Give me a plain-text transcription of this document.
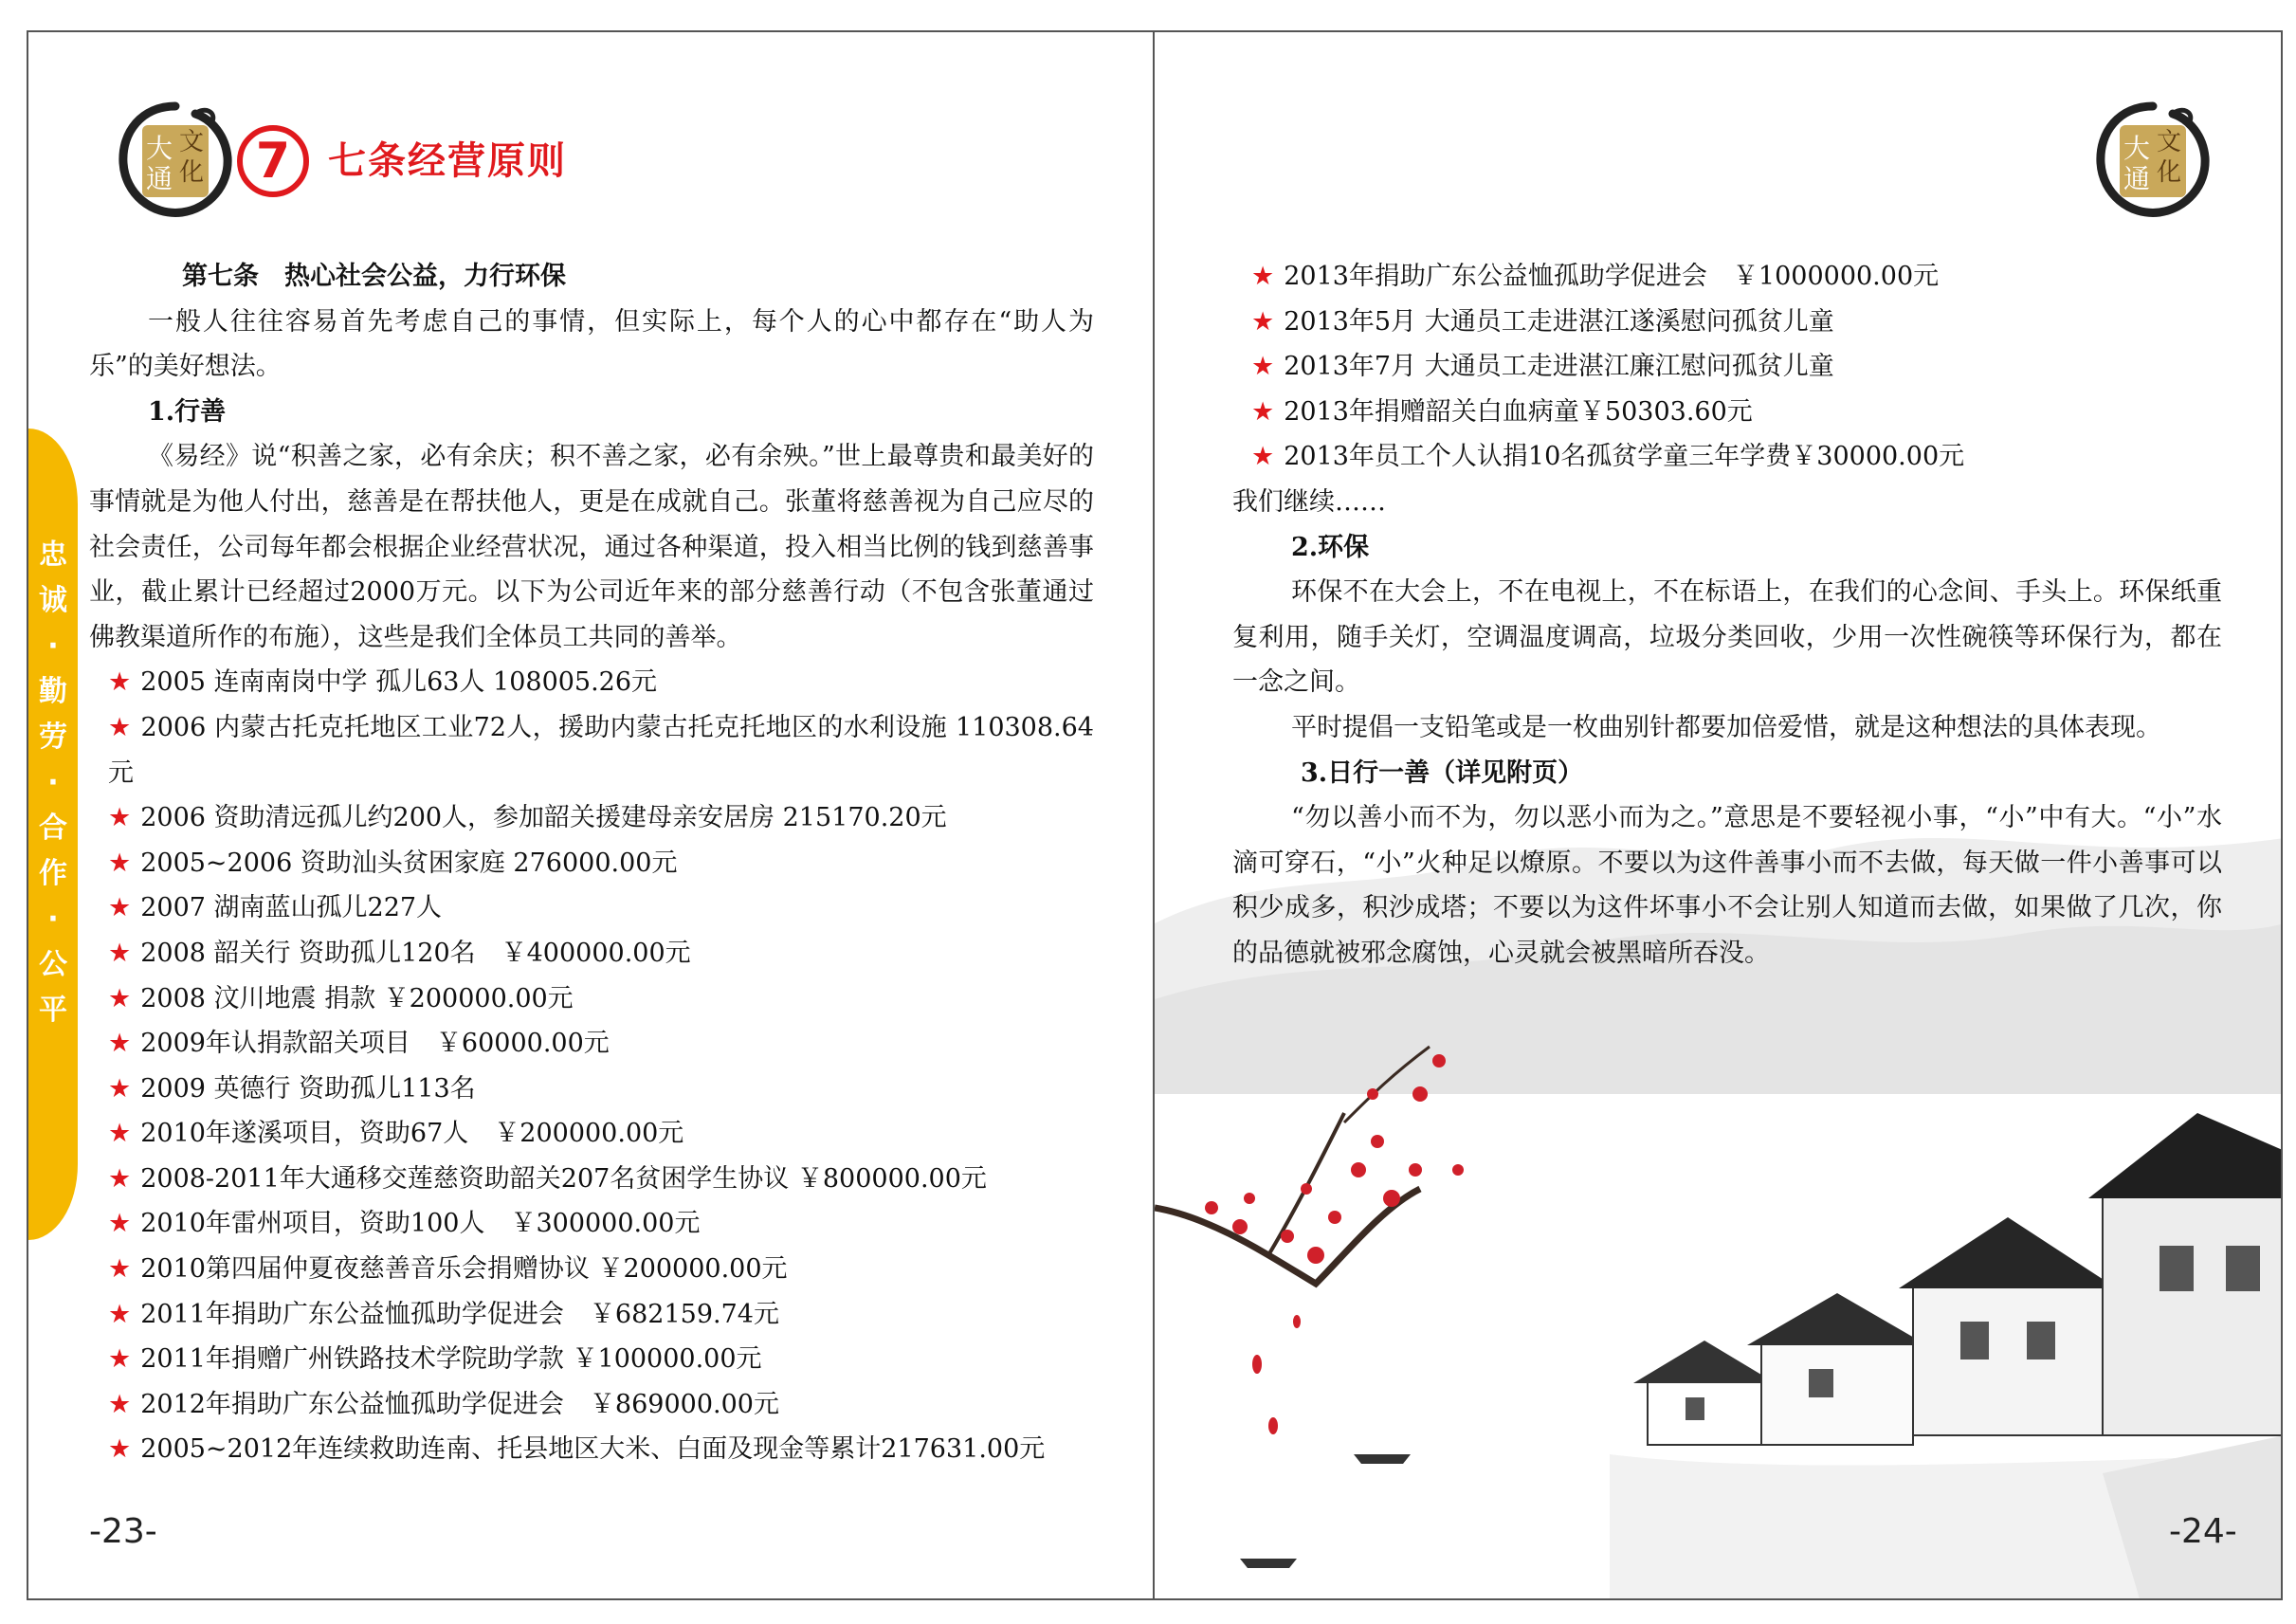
大
通
文
化	7 七条经营原则
忠
诚
·
勤
劳
·
合
作
·
公
平

第七条　热心社会公益，力行环保

一般人往往容易首先考虑自己的事情，但实际上，每个人的心中都存在“助人为乐”的美好想法。

1.行善

《易经》说“积善之家，必有余庆；积不善之家，必有余殃。”世上最尊贵和最美好的事情就是为他人付出，慈善是在帮扶他人，更是在成就自己。张董将慈善视为自己应尽的社会责任，公司每年都会根据企业经营状况，通过各种渠道，投入相当比例的钱到慈善事业，截止累计已经超过2000万元。以下为公司近年来的部分慈善行动（不包含张董通过佛教渠道所作的布施），这些是我们全体员工共同的善举。

★ 2005 连南南岗中学 孤儿63人 108005.26元
★ 2006 内蒙古托克托地区工业72人，援助内蒙古托克托地区的水利设施 110308.64元
★ 2006 资助清远孤儿约200人，参加韶关援建母亲安居房 215170.20元
★ 2005~2006 资助汕头贫困家庭 276000.00元
★ 2007 湖南蓝山孤儿227人
★ 2008 韶关行 资助孤儿120名　￥400000.00元
★ 2008 汶川地震 捐款 ￥200000.00元
★ 2009年认捐款韶关项目　￥60000.00元
★ 2009 英德行 资助孤儿113名
★ 2010年遂溪项目，资助67人　￥200000.00元
★ 2008-2011年大通移交莲慈资助韶关207名贫困学生协议 ￥800000.00元
★ 2010年雷州项目，资助100人　￥300000.00元
★ 2010第四届仲夏夜慈善音乐会捐赠协议 ￥200000.00元
★ 2011年捐助广东公益恤孤助学促进会　￥682159.74元
★ 2011年捐赠广州铁路技术学院助学款 ￥100000.00元
★ 2012年捐助广东公益恤孤助学促进会　￥869000.00元
★ 2005~2012年连续救助连南、托县地区大米、白面及现金等累计217631.00元
-23-
大
通
文
化
★ 2013年捐助广东公益恤孤助学促进会　￥1000000.00元
★ 2013年5月 大通员工走进湛江遂溪慰问孤贫儿童
★ 2013年7月 大通员工走进湛江廉江慰问孤贫儿童
★ 2013年捐赠韶关白血病童￥50303.60元
★ 2013年员工个人认捐10名孤贫学童三年学费￥30000.00元

我们继续……

2.环保

环保不在大会上，不在电视上，不在标语上，在我们的心念间、手头上。环保纸重复利用，随手关灯，空调温度调高，垃圾分类回收，少用一次性碗筷等环保行为，都在一念之间。

平时提倡一支铅笔或是一枚曲别针都要加倍爱惜，就是这种想法的具体表现。

3.日行一善（详见附页）

“勿以善小而不为，勿以恶小而为之。”意思是不要轻视小事，“小”中有大。“小”水滴可穿石，“小”火种足以燎原。不要以为这件善事小而不去做，每天做一件小善事可以积少成多，积沙成塔；不要以为这件坏事小不会让别人知道而去做，如果做了几次，你的品德就被邪念腐蚀，心灵就会被黑暗所吞没。

-24-
